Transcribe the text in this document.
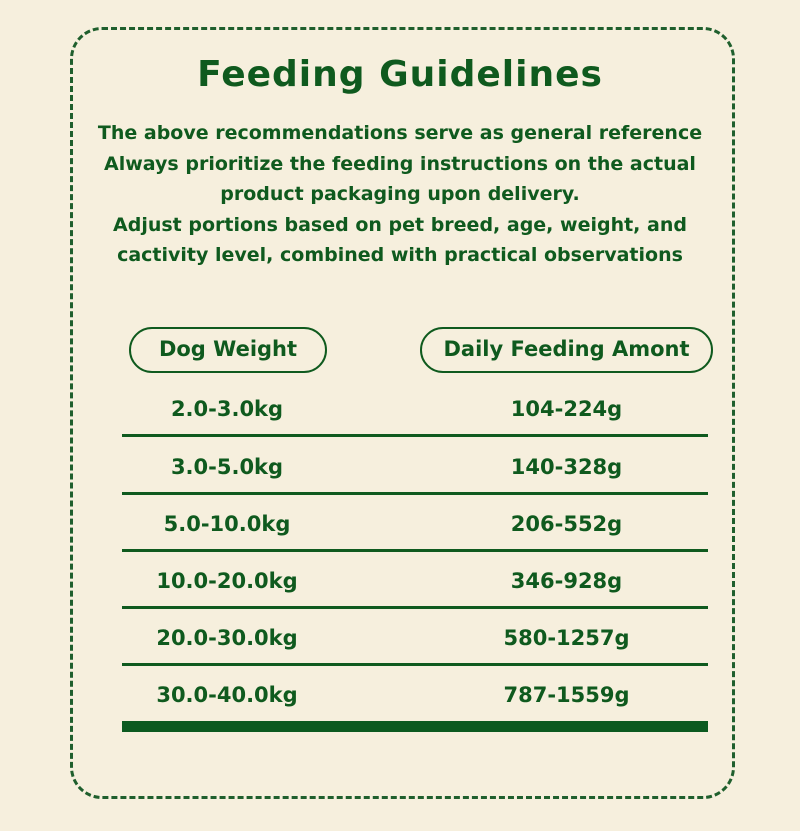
Feeding Guidelines
The above recommendations serve as general reference
Always prioritize the feeding instructions on the actual
product packaging upon delivery.
Adjust portions based on pet breed, age, weight, and
cactivity level, combined with practical observations
Dog Weight	Daily Feeding Amont
2.0-3.0kg	104-224g
3.0-5.0kg	140-328g
5.0-10.0kg	206-552g
10.0-20.0kg	346-928g
20.0-30.0kg	580-1257g
30.0-40.0kg	787-1559g
